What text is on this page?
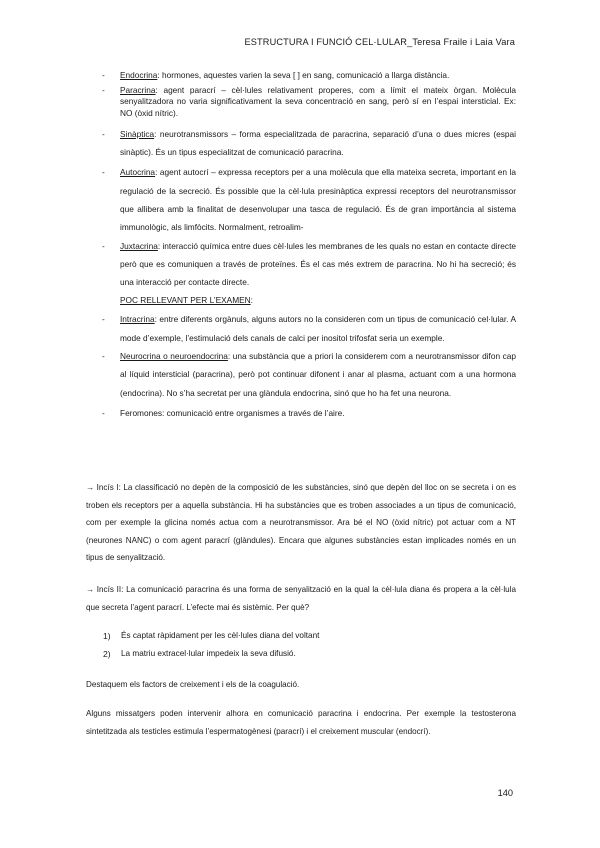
ESTRUCTURA I FUNCIÓ CEL·LULAR_Teresa Fraile i Laia Vara
- Endocrina: hormones, aquestes varien la seva [ ] en sang, comunicació a llarga distància.
- Paracrina: agent paracrí – cèl·lules relativament properes, com a límit el mateix òrgan. Molècula senyalitzadora no varia significativament la seva concentració en sang, però sí en l’espai intersticial. Ex: NO (òxid nítric).
- Sinàptica: neurotransmissors – forma especialitzada de paracrina, separació d’una o dues micres (espai sinàptic). És un tipus especialitzat de comunicació paracrina.
- Autocrina: agent autocrí – expressa receptors per a una molècula que ella mateixa secreta, important en la regulació de la secreció. És possible que la cèl·lula presinàptica expressi receptors del neurotransmissor que allibera amb la finalitat de desenvolupar una tasca de regulació. És de gran importància al sistema immunològic, als limfòcits. Normalment, retroalim-
- Juxtacrina: interacció química entre dues cèl·lules les membranes de les quals no estan en contacte directe però que es comuniquen a través de proteïnes. És el cas més extrem de paracrina. No hi ha secreció; és una interacció per contacte directe.
POC RELLEVANT PER L’EXAMEN:
- Intracrina: entre diferents orgànuls, alguns autors no la consideren com un tipus de comunicació cel·lular. A mode d’exemple, l’estimulació dels canals de calci per inositol trifosfat seria un exemple.
- Neurocrina o neuroendocrina: una substància que a priori la considerem com a neurotransmissor difon cap al líquid intersticial (paracrina), però pot continuar difonent i anar al plasma, actuant com a una hormona (endocrina). No s’ha secretat per una glàndula endocrina, sinó que ho ha fet una neurona.
- Feromones: comunicació entre organismes a través de l’aire.
→ Incís I: La classificació no depèn de la composició de les substàncies, sinó que depèn del lloc on se secreta i on es troben els receptors per a aquella substància. Hi ha substàncies que es troben associades a un tipus de comunicació, com per exemple la glicina només actua com a neurotransmissor. Ara bé el NO (òxid nítric) pot actuar com a NT (neurones NANC) o com agent paracrí (glàndules). Encara que algunes substàncies estan implicades només en un tipus de senyalització.
→ Incís II: La comunicació paracrina és una forma de senyalització en la qual la cèl·lula diana és propera a la cèl·lula que secreta l’agent paracrí. L’efecte mai és sistèmic. Per què?
1) És captat ràpidament per les cèl·lules diana del voltant
2) La matriu extracel·lular impedeix la seva difusió.
Destaquem els factors de creixement i els de la coagulació.
Alguns missatgers poden intervenir alhora en comunicació paracrina i endocrina. Per exemple la testosterona sintetitzada als testicles estimula l’espermatogènesi (paracrí) i el creixement muscular (endocrí).
140
